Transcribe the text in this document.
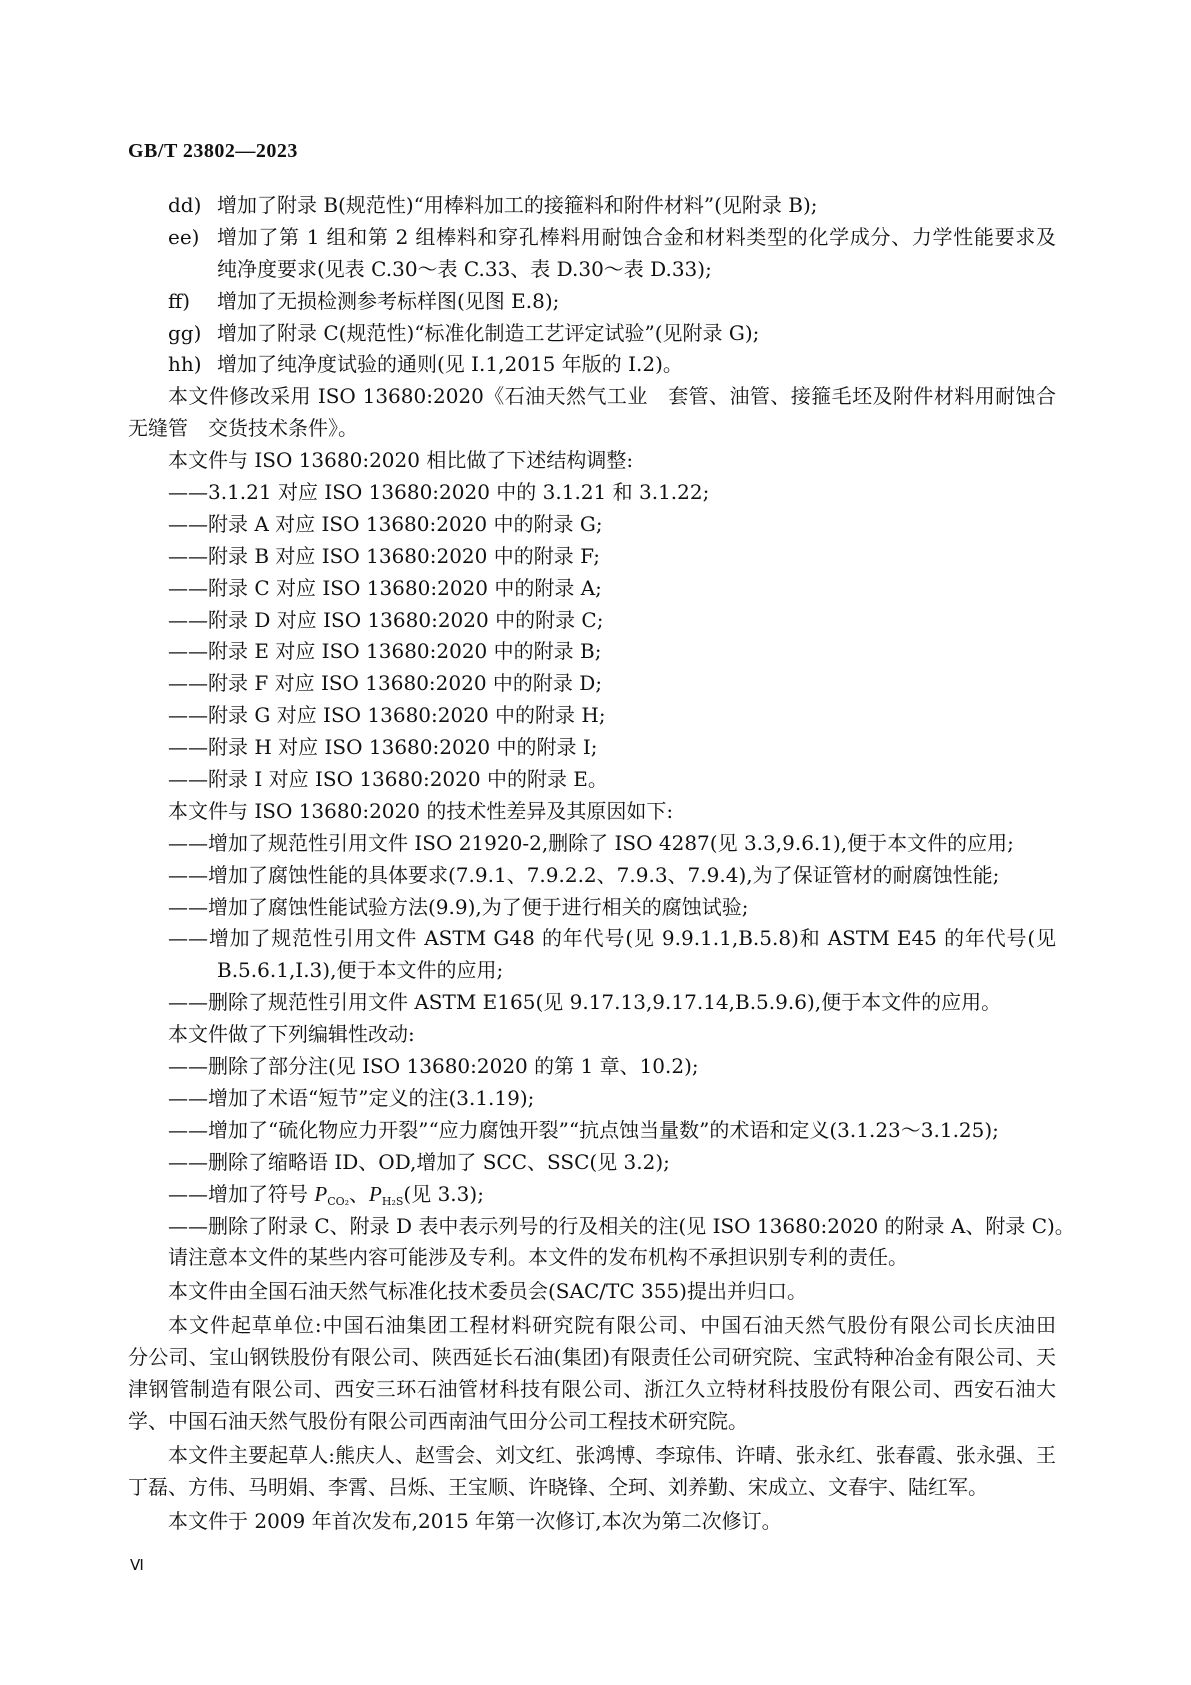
GB/T 23802—2023
dd) 增加了附录 B(规范性)“用棒料加工的接箍料和附件材料”(见附录 B);
ee) 增加了第 1 组和第 2 组棒料和穿孔棒料用耐蚀合金和材料类型的化学成分、力学性能要求及
纯净度要求(见表 C.30～表 C.33、表 D.30～表 D.33);
ff) 增加了无损检测参考标样图(见图 E.8);
gg) 增加了附录 C(规范性)“标准化制造工艺评定试验”(见附录 G);
hh) 增加了纯净度试验的通则(见 I.1,2015 年版的 I.2)。
本文件修改采用 ISO 13680:2020《石油天然气工业　套管、油管、接箍毛坯及附件材料用耐蚀合
无缝管　交货技术条件》。
本文件与 ISO 13680:2020 相比做了下述结构调整:
——3.1.21 对应 ISO 13680:2020 中的 3.1.21 和 3.1.22;
——附录 A 对应 ISO 13680:2020 中的附录 G;
——附录 B 对应 ISO 13680:2020 中的附录 F;
——附录 C 对应 ISO 13680:2020 中的附录 A;
——附录 D 对应 ISO 13680:2020 中的附录 C;
——附录 E 对应 ISO 13680:2020 中的附录 B;
——附录 F 对应 ISO 13680:2020 中的附录 D;
——附录 G 对应 ISO 13680:2020 中的附录 H;
——附录 H 对应 ISO 13680:2020 中的附录 I;
——附录 I 对应 ISO 13680:2020 中的附录 E。
本文件与 ISO 13680:2020 的技术性差异及其原因如下:
——增加了规范性引用文件 ISO 21920-2,删除了 ISO 4287(见 3.3,9.6.1),便于本文件的应用;
——增加了腐蚀性能的具体要求(7.9.1、7.9.2.2、7.9.3、7.9.4),为了保证管材的耐腐蚀性能;
——增加了腐蚀性能试验方法(9.9),为了便于进行相关的腐蚀试验;
——增加了规范性引用文件 ASTM G48 的年代号(见 9.9.1.1,B.5.8)和 ASTM E45 的年代号(见
B.5.6.1,I.3),便于本文件的应用;
——删除了规范性引用文件 ASTM E165(见 9.17.13,9.17.14,B.5.9.6),便于本文件的应用。
本文件做了下列编辑性改动:
——删除了部分注(见 ISO 13680:2020 的第 1 章、10.2);
——增加了术语“短节”定义的注(3.1.19);
——增加了“硫化物应力开裂”“应力腐蚀开裂”“抗点蚀当量数”的术语和定义(3.1.23～3.1.25);
——删除了缩略语 ID、OD,增加了 SCC、SSC(见 3.2);
——增加了符号 $P_{CO_2}$、$P_{H_2S}$(见 3.3);
——删除了附录 C、附录 D 表中表示列号的行及相关的注(见 ISO 13680:2020 的附录 A、附录 C)。
请注意本文件的某些内容可能涉及专利。本文件的发布机构不承担识别专利的责任。
本文件由全国石油天然气标准化技术委员会(SAC/TC 355)提出并归口。
本文件起草单位:中国石油集团工程材料研究院有限公司、中国石油天然气股份有限公司长庆油田
分公司、宝山钢铁股份有限公司、陕西延长石油(集团)有限责任公司研究院、宝武特种冶金有限公司、天
津钢管制造有限公司、西安三环石油管材科技有限公司、浙江久立特材科技股份有限公司、西安石油大
学、中国石油天然气股份有限公司西南油气田分公司工程技术研究院。
本文件主要起草人:熊庆人、赵雪会、刘文红、张鸿博、李琼伟、许晴、张永红、张春霞、张永强、王
丁磊、方伟、马明娟、李霄、吕烁、王宝顺、许晓锋、仝珂、刘养勤、宋成立、文春宇、陆红军。
本文件于 2009 年首次发布,2015 年第一次修订,本次为第二次修订。
Ⅵ
